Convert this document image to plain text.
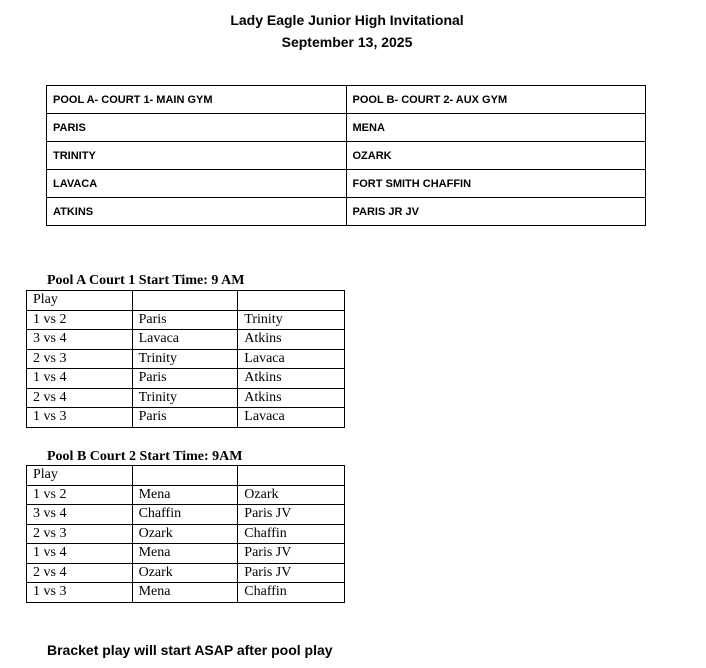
Lady Eagle Junior High Invitational
September 13, 2025
POOL A- COURT 1- MAIN GYM	POOL B- COURT 2- AUX GYM
PARIS	MENA
TRINITY	OZARK
LAVACA	FORT SMITH CHAFFIN
ATKINS	PARIS JR JV
Pool A Court 1 Start Time: 9 AM
Play		
1 vs 2	Paris	Trinity
3 vs 4	Lavaca	Atkins
2 vs 3	Trinity	Lavaca
1 vs 4	Paris	Atkins
2 vs 4	Trinity	Atkins
1 vs 3	Paris	Lavaca
Pool B Court 2 Start Time: 9AM
Play		
1 vs 2	Mena	Ozark
3 vs 4	Chaffin	Paris JV
2 vs 3	Ozark	Chaffin
1 vs 4	Mena	Paris JV
2 vs 4	Ozark	Paris JV
1 vs 3	Mena	Chaffin
Bracket play will start ASAP after pool play
